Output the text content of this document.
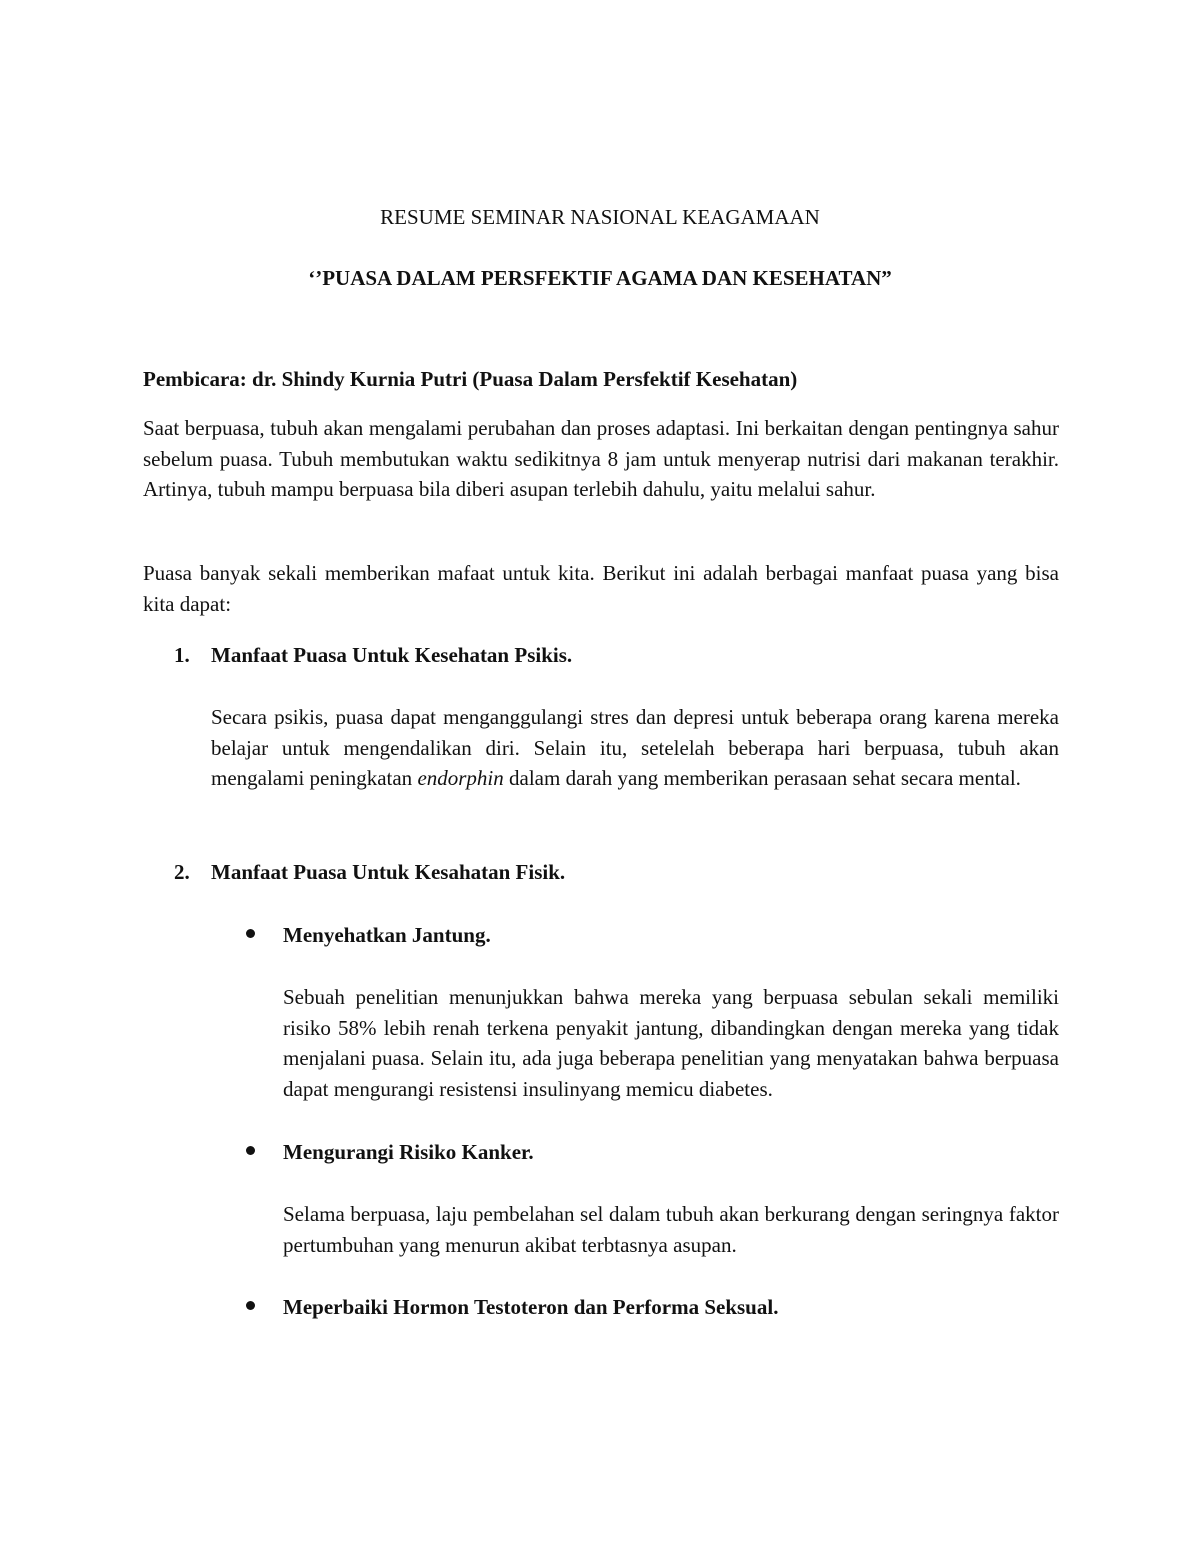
RESUME SEMINAR NASIONAL KEAGAMAAN
‘’PUASA DALAM PERSFEKTIF AGAMA DAN KESEHATAN”
Pembicara: dr. Shindy Kurnia Putri (Puasa Dalam Persfektif Kesehatan)
Saat berpuasa, tubuh akan mengalami perubahan dan proses adaptasi. Ini berkaitan dengan pentingnya sahur sebelum puasa. Tubuh membutukan waktu sedikitnya 8 jam untuk menyerap nutrisi dari makanan terakhir. Artinya, tubuh mampu berpuasa bila diberi asupan terlebih dahulu, yaitu melalui sahur.
Puasa banyak sekali memberikan mafaat untuk kita. Berikut ini adalah berbagai manfaat puasa yang bisa kita dapat:
1. Manfaat Puasa Untuk Kesehatan Psikis.
Secara psikis, puasa dapat menganggulangi stres dan depresi untuk beberapa orang karena mereka belajar untuk mengendalikan diri. Selain itu, setelelah beberapa hari berpuasa, tubuh akan mengalami peningkatan endorphin dalam darah yang memberikan perasaan sehat secara mental.
2. Manfaat Puasa Untuk Kesahatan Fisik.
Menyehatkan Jantung.
Sebuah penelitian menunjukkan bahwa mereka yang berpuasa sebulan sekali memiliki risiko 58% lebih renah terkena penyakit jantung, dibandingkan dengan mereka yang tidak menjalani puasa. Selain itu, ada juga beberapa penelitian yang menyatakan bahwa berpuasa dapat mengurangi resistensi insulinyang memicu diabetes.
Mengurangi Risiko Kanker.
Selama berpuasa, laju pembelahan sel dalam tubuh akan berkurang dengan seringnya faktor pertumbuhan yang menurun akibat terbtasnya asupan.
Meperbaiki Hormon Testoteron dan Performa Seksual.
